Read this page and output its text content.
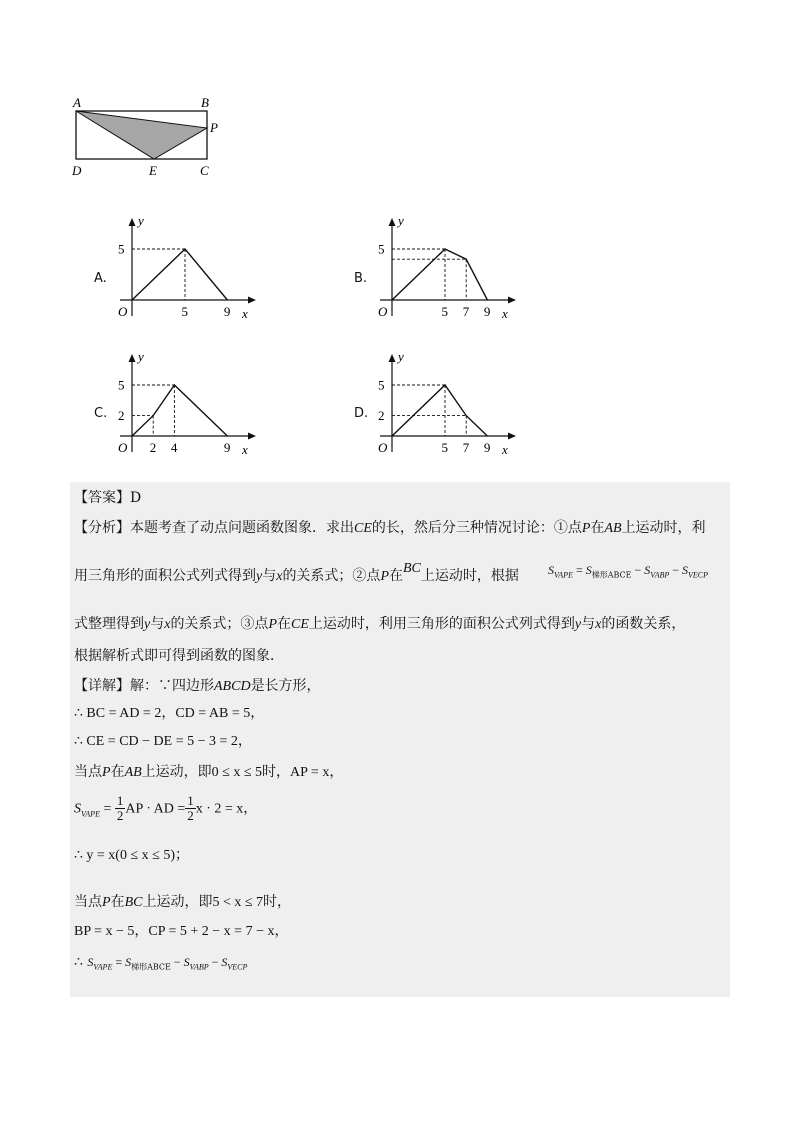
A	B
P
D	E	C
A.	B.
C.	D.
x
y
O	5	9
5
x
y
O	5 7 9
5
x
y
O 2 4	9
5
2
x
y
O	5 7 9
5
2
【答案】D
【分析】本题考查了动点问题函数图象．求出CE的长，然后分三种情况讨论：①点P在AB上运动时，利
用三角形的面积公式列式得到y与x的关系式；②点P在BC上运动时，根据 $S_{VAPE} = S_{梯形ABCE} - S_{VABP} - S_{VECP}$
式整理得到y与x的关系式；③点P在CE上运动时，利用三角形的面积公式列式得到y与x的函数关系，
根据解析式即可得到函数的图象．
【详解】解：∵四边形ABCD是长方形，
∴ BC = AD = 2，CD = AB = 5，
∴ CE = CD − DE = 5 − 3 = 2，
当点P在AB上运动，即0 ≤ x ≤ 5时，AP = x，
$S_{VAPE} = \frac{1}{2}$ AP · AD = $\frac{1}{2}$ x · 2 = x，
∴ y = x(0 ≤ x ≤ 5)；
当点P在BC上运动，即5 < x ≤ 7时，
BP = x − 5，CP = 5 + 2 − x = 7 − x，
∴ $S_{VAPE} = S_{梯形ABCE} - S_{VABP} - S_{VECP}$
